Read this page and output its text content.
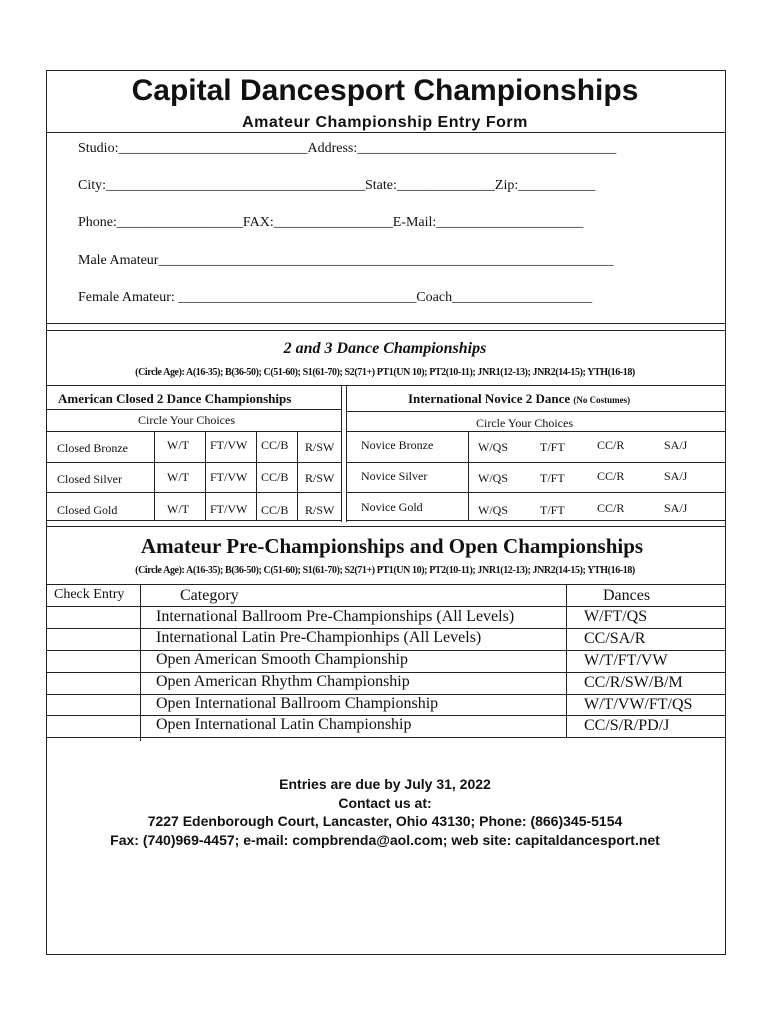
Capital Dancesport Championships
Amateur Championship Entry Form
Studio:___________________________Address:_____________________________________
City:_____________________________________State:______________Zip:___________
Phone:__________________FAX:_________________E-Mail:_____________________
Male Amateur_________________________________________________________________
Female Amateur: __________________________________Coach____________________
2 and 3 Dance Championships
(Circle Age): A(16-35); B(36-50); C(51-60); S1(61-70); S2(71+) PT1(UN 10); PT2(10-11); JNR1(12-13); JNR2(14-15); YTH(16-18)
American Closed 2 Dance Championships	International Novice 2 Dance (No Costumes)
Circle Your Choices	Circle Your Choices
Closed Bronze	W/T FT/VW CC/B R/SW
Closed Silver	W/T FT/VW CC/B R/SW
Closed Gold	W/T FT/VW CC/B R/SW
Novice Bronze	W/QS	T/FT	CC/R	SA/J
Novice Silver	W/QS	T/FT	CC/R	SA/J
Novice Gold	W/QS	T/FT	CC/R	SA/J
Amateur Pre-Championships and Open Championships
(Circle Age): A(16-35); B(36-50); C(51-60); S1(61-70); S2(71+) PT1(UN 10); PT2(10-11); JNR1(12-13); JNR2(14-15); YTH(16-18)
Check Entry	Category	Dances
International Ballroom Pre-Championships (All Levels)	W/FT/QS
International Latin Pre-Championhips (All Levels)	CC/SA/R
Open American Smooth Championship	W/T/FT/VW
Open American Rhythm Championship	CC/R/SW/B/M
Open International Ballroom Championship	W/T/VW/FT/QS
Open International Latin Championship	CC/S/R/PD/J
Entries are due by July 31, 2022
Contact us at:
7227 Edenborough Court, Lancaster, Ohio 43130; Phone: (866)345-5154
Fax: (740)969-4457; e-mail: compbrenda@aol.com; web site: capitaldancesport.net
